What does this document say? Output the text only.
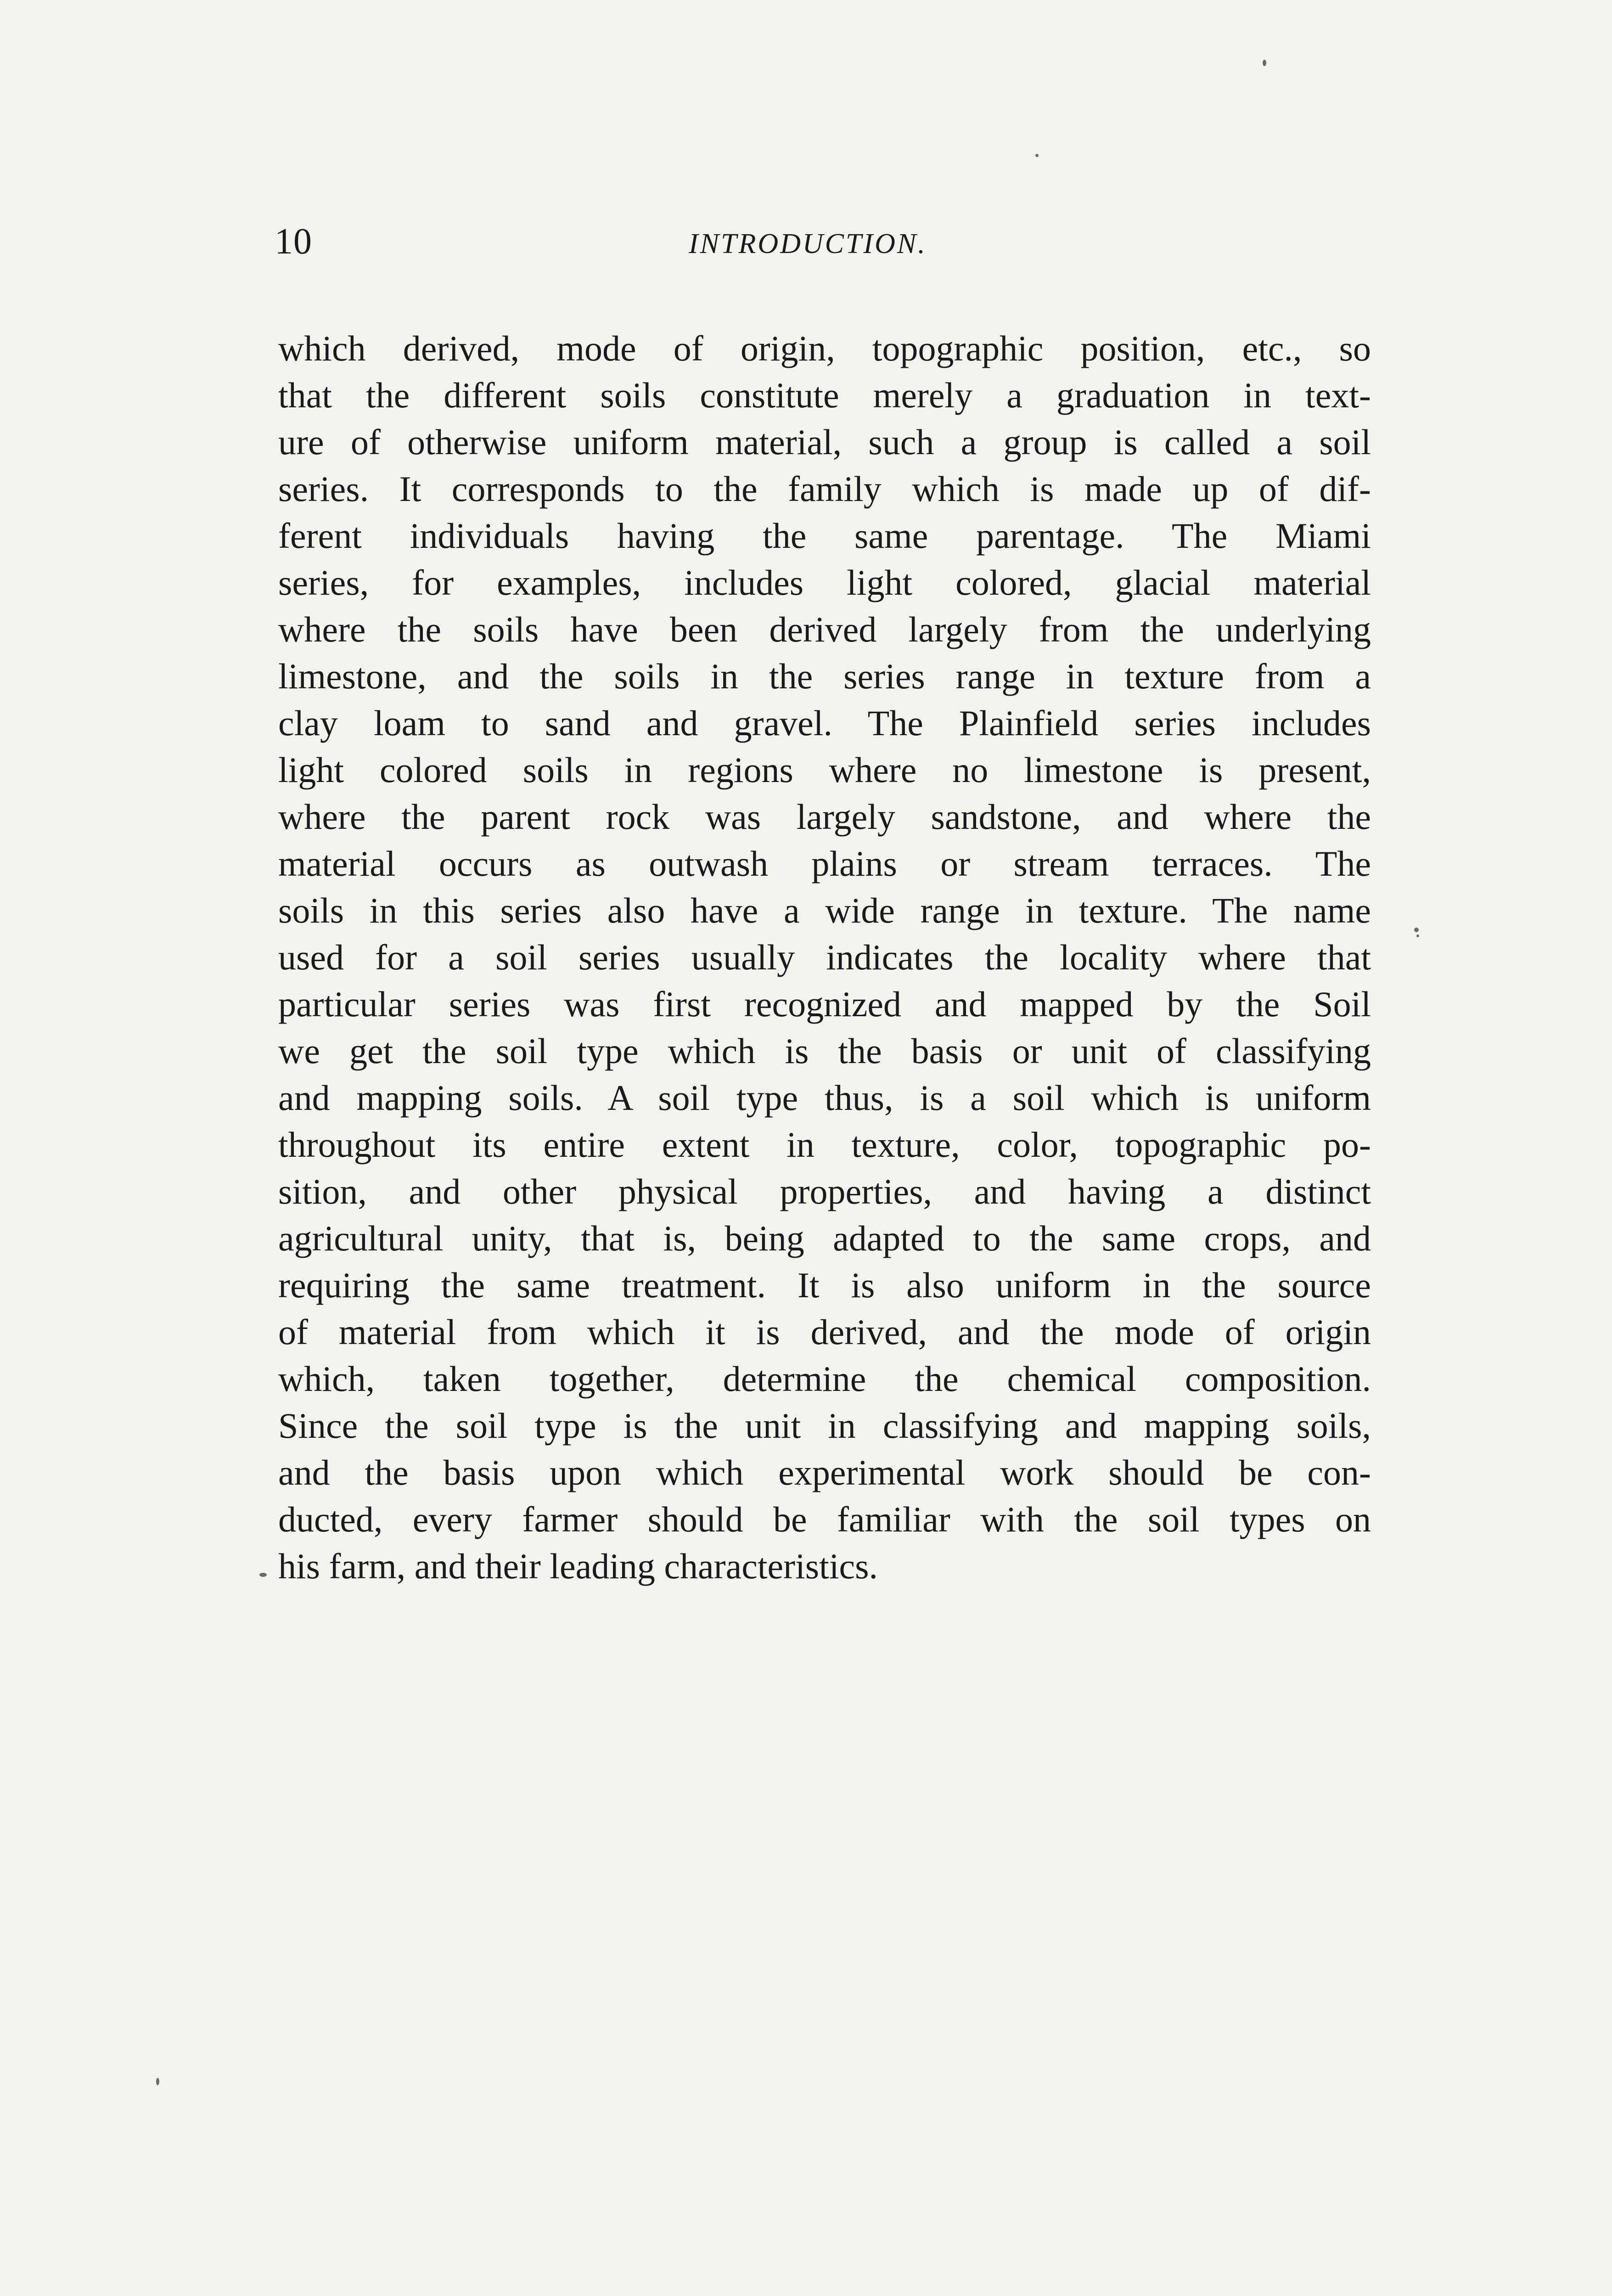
10	INTRODUCTION.
which derived, mode of origin, topographic position, etc., so
that the different soils constitute merely a graduation in text-
ure of otherwise uniform material, such a group is called a soil
series. It corresponds to the family which is made up of dif-
ferent individuals having the same parentage. The Miami
series, for examples, includes light colored, glacial material
where the soils have been derived largely from the underlying
limestone, and the soils in the series range in texture from a
clay loam to sand and gravel. The Plainfield series includes
light colored soils in regions where no limestone is present,
where the parent rock was largely sandstone, and where the
material occurs as outwash plains or stream terraces. The
soils in this series also have a wide range in texture. The name
used for a soil series usually indicates the locality where that
particular series was first recognized and mapped by the Soil
we get the soil type which is the basis or unit of classifying
and mapping soils. A soil type thus, is a soil which is uniform
throughout its entire extent in texture, color, topographic po-
sition, and other physical properties, and having a distinct
agricultural unity, that is, being adapted to the same crops, and
requiring the same treatment. It is also uniform in the source
of material from which it is derived, and the mode of origin
which, taken together, determine the chemical composition.
Since the soil type is the unit in classifying and mapping soils,
and the basis upon which experimental work should be con-
ducted, every farmer should be familiar with the soil types on
his farm, and their leading characteristics.
